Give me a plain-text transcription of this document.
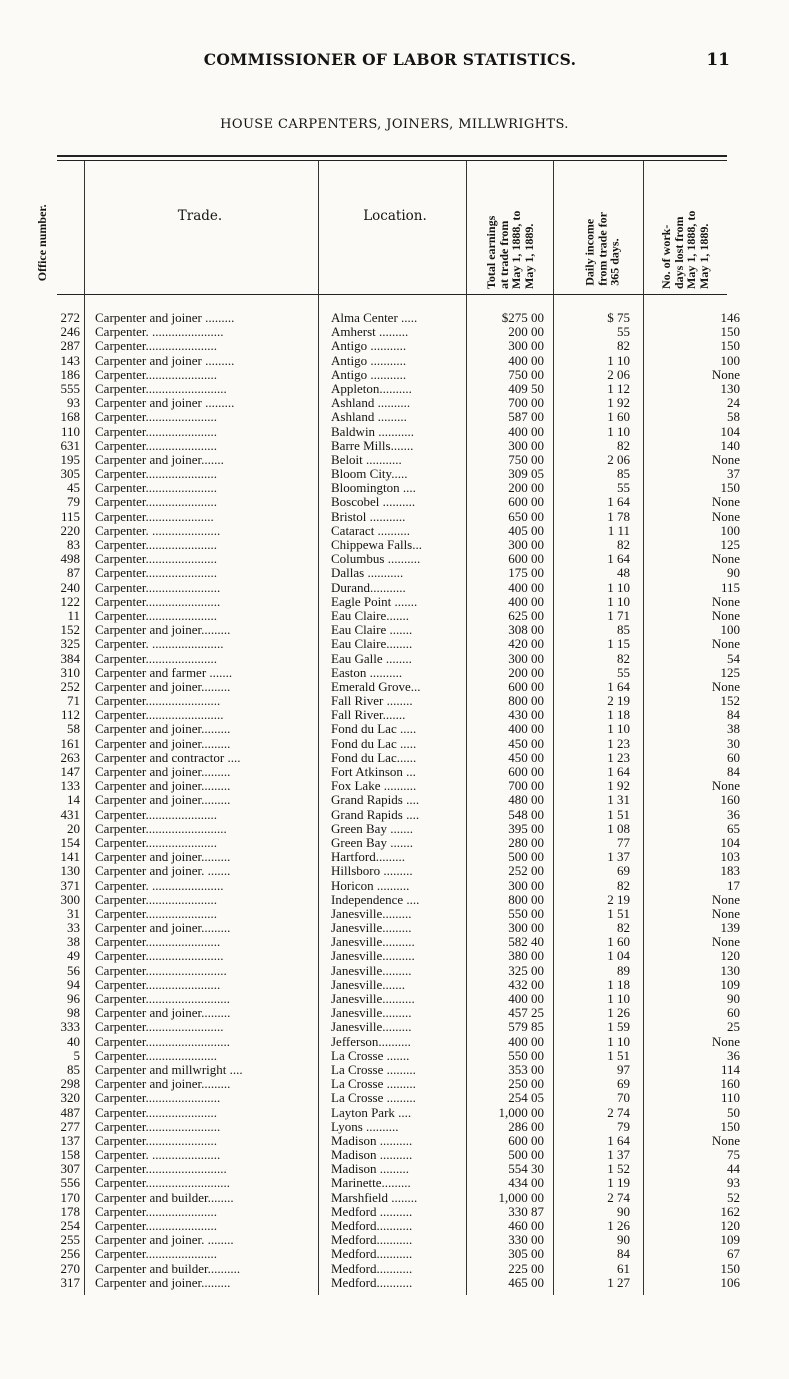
COMMISSIONER OF LABOR STATISTICS.	11
HOUSE CARPENTERS, JOINERS, MILLWRIGHTS.
Office number.	Trade.	Location.	Total earnings
at trade from
May 1, 1888, to
May 1, 1889.	Daily income
from trade for
365 days.	No. of work-
days lost from
May 1, 1888, to
May 1, 1889.
272 Carpenter and joiner .........	Alma Center .....	$275 00	$ 75	146
246 Carpenter. ......................	Amherst .........	200 00	55	150
287 Carpenter......................	Antigo ...........	300 00	82	150
143 Carpenter and joiner .........	Antigo ...........	400 00	1 10	100
186 Carpenter......................	Antigo ...........	750 00	2 06	None
555 Carpenter.........................	Appleton..........	409 50	1 12	130
93 Carpenter and joiner .........	Ashland ..........	700 00	1 92	24
168 Carpenter......................	Ashland .........	587 00	1 60	58
110 Carpenter......................	Baldwin ...........	400 00	1 10	104
631 Carpenter......................	Barre Mills.......	300 00	82	140
195 Carpenter and joiner.......	Beloit ...........	750 00	2 06	None
305 Carpenter......................	Bloom City.....	309 05	85	37
45 Carpenter......................	Bloomington ....	200 00	55	150
79 Carpenter......................	Boscobel ..........	600 00	1 64	None
115 Carpenter.....................	Bristol ...........	650 00	1 78	None
220 Carpenter. .....................	Cataract ..........	405 00	1 11	100
83 Carpenter......................	Chippewa Falls...	300 00	82	125
498 Carpenter......................	Columbus ..........	600 00	1 64	None
87 Carpenter......................	Dallas ...........	175 00	48	90
240 Carpenter.......................	Durand...........	400 00	1 10	115
122 Carpenter.......................	Eagle Point .......	400 00	1 10	None
11 Carpenter......................	Eau Claire.......	625 00	1 71	None
152 Carpenter and joiner.........	Eau Claire .......	308 00	85	100
325 Carpenter. ......................	Eau Claire........	420 00	1 15	None
384 Carpenter......................	Eau Galle ........	300 00	82	54
310 Carpenter and farmer .......	Easton ..........	200 00	55	125
252 Carpenter and joiner.........	Emerald Grove...	600 00	1 64	None
71 Carpenter.......................	Fall River ........	800 00	2 19	152
112 Carpenter........................	Fall River.......	430 00	1 18	84
58 Carpenter and joiner.........	Fond du Lac .....	400 00	1 10	38
161 Carpenter and joiner.........	Fond du Lac .....	450 00	1 23	30
263 Carpenter and contractor ....	Fond du Lac......	450 00	1 23	60
147 Carpenter and joiner.........	Fort Atkinson ...	600 00	1 64	84
133 Carpenter and joiner.........	Fox Lake ..........	700 00	1 92	None
14 Carpenter and joiner.........	Grand Rapids ....	480 00	1 31	160
431 Carpenter......................	Grand Rapids ....	548 00	1 51	36
20 Carpenter.........................	Green Bay .......	395 00	1 08	65
154 Carpenter......................	Green Bay .......	280 00	77	104
141 Carpenter and joiner.........	Hartford.........	500 00	1 37	103
130 Carpenter and joiner. .......	Hillsboro .........	252 00	69	183
371 Carpenter. ......................	Horicon ..........	300 00	82	17
300 Carpenter......................	Independence ....	800 00	2 19	None
31 Carpenter......................	Janesville.........	550 00	1 51	None
33 Carpenter and joiner.........	Janesville.........	300 00	82	139
38 Carpenter.......................	Janesville..........	582 40	1 60	None
49 Carpenter........................	Janesville..........	380 00	1 04	120
56 Carpenter.........................	Janesville.........	325 00	89	130
94 Carpenter.......................	Janesville.......	432 00	1 18	109
96 Carpenter..........................	Janesville..........	400 00	1 10	90
98 Carpenter and joiner.........	Janesville.........	457 25	1 26	60
333 Carpenter........................	Janesville.........	579 85	1 59	25
40 Carpenter..........................	Jefferson..........	400 00	1 10	None
5 Carpenter......................	La Crosse .......	550 00	1 51	36
85 Carpenter and millwright ....	La Crosse .........	353 00	97	114
298 Carpenter and joiner.........	La Crosse .........	250 00	69	160
320 Carpenter.......................	La Crosse .........	254 05	70	110
487 Carpenter......................	Layton Park ....	1,000 00	2 74	50
277 Carpenter.......................	Lyons ..........	286 00	79	150
137 Carpenter......................	Madison ..........	600 00	1 64	None
158 Carpenter. .....................	Madison ..........	500 00	1 37	75
307 Carpenter.........................	Madison .........	554 30	1 52	44
556 Carpenter..........................	Marinette.........	434 00	1 19	93
170 Carpenter and builder........	Marshfield ........	1,000 00	2 74	52
178 Carpenter......................	Medford ..........	330 87	90	162
254 Carpenter......................	Medford...........	460 00	1 26	120
255 Carpenter and joiner. ........	Medford...........	330 00	90	109
256 Carpenter......................	Medford...........	305 00	84	67
270 Carpenter and builder..........	Medford...........	225 00	61	150
317 Carpenter and joiner.........	Medford...........	465 00	1 27	106
